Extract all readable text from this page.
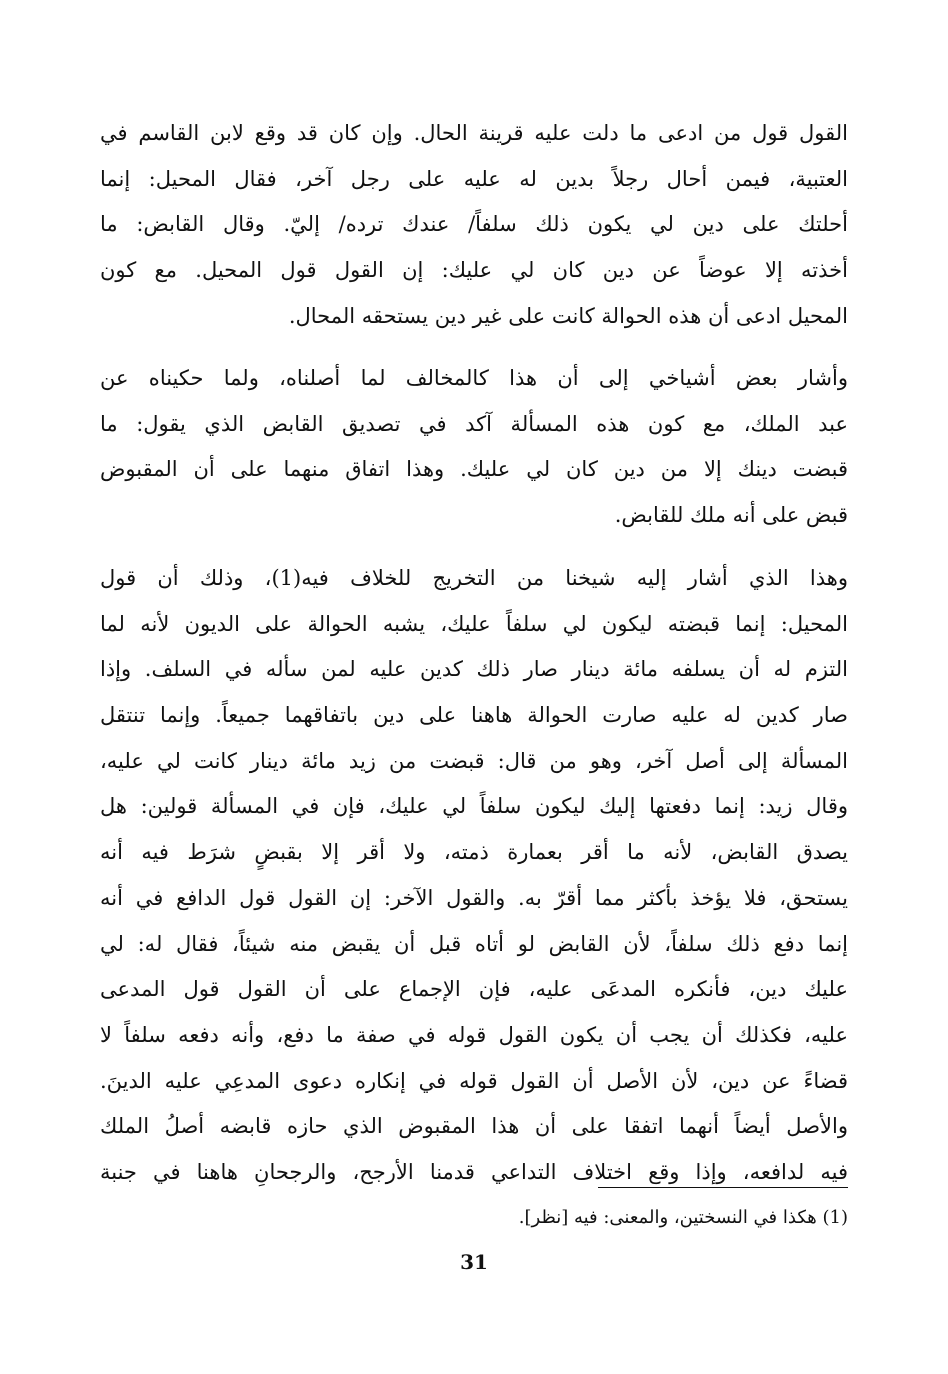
القول قول من ادعى ما دلت عليه قرينة الحال. وإن كان قد وقع لابن القاسم في
العتبية، فيمن أحال رجلاً بدين له عليه على رجل آخر، فقال المحيل: إنما
أحلتك على دين لي يكون ذلك سلفاً/ عندك ترده/ إليّ. وقال القابض: ما
أخذته إلا عوضاً عن دين كان لي عليك: إن القول قول المحيل. مع كون
المحيل ادعى أن هذه الحوالة كانت على غير دين يستحقه المحال.
وأشار بعض أشياخي إلى أن هذا كالمخالف لما أصلناه، ولما حكيناه عن
عبد الملك، مع كون هذه المسألة آكد في تصديق القابض الذي يقول: ما
قبضت دينك إلا من دين كان لي عليك. وهذا اتفاق منهما على أن المقبوض
قبض على أنه ملك للقابض.
وهذا الذي أشار إليه شيخنا من التخريج للخلاف فيه(1)، وذلك أن قول
المحيل: إنما قبضته ليكون لي سلفاً عليك، يشبه الحوالة على الديون لأنه لما
التزم له أن يسلفه مائة دينار صار ذلك كدين عليه لمن سأله في السلف. وإذا
صار كدين له عليه صارت الحوالة هاهنا على دين باتفاقهما جميعاً. وإنما تنتقل
المسألة إلى أصل آخر، وهو من قال: قبضت من زيد مائة دينار كانت لي عليه،
وقال زيد: إنما دفعتها إليك ليكون سلفاً لي عليك، فإن في المسألة قولين: هل
يصدق القابض، لأنه ما أقر بعمارة ذمته، ولا أقر إلا بقبضٍ شرَط فيه أنه
يستحق، فلا يؤخذ بأكثر مما أقرّ به. والقول الآخر: إن القول قول الدافع في أنه
إنما دفع ذلك سلفاً، لأن القابض لو أتاه قبل أن يقبض منه شيئاً، فقال له: لي
عليك دين، فأنكره المدعَى عليه، فإن الإجماع على أن القول قول المدعى
عليه، فكذلك أن يجب أن يكون القول قوله في صفة ما دفع، وأنه دفعه سلفاً لا
قضاءً عن دين، لأن الأصل أن القول قوله في إنكاره دعوى المدعِي عليه الدينَ.
والأصل أيضاً أنهما اتفقا على أن هذا المقبوض الذي حازه قابضه أصلُ الملك
فيه لدافعه، وإذا وقع اختلاف التداعي قدمنا الأرجح، والرجحانِ هاهنا في جنبة
(1) هكذا في النسختين، والمعنى: فيه [نظر].
31
